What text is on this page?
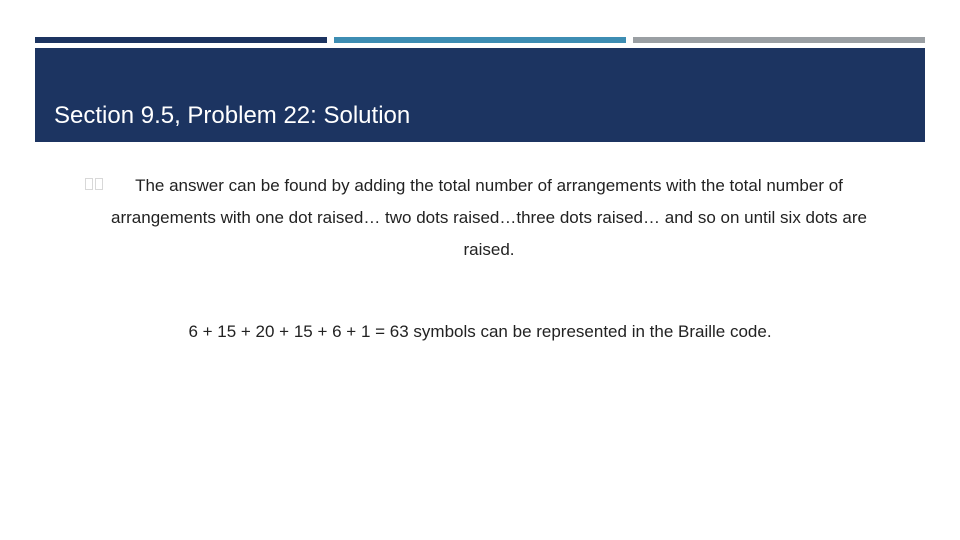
Section 9.5, Problem 22: Solution

The answer can be found by adding the total number of arrangements with the total number of arrangements with one dot raised… two dots raised…three dots raised… and so on until six dots are raised.

6 + 15 + 20 + 15 + 6 + 1 = 63 symbols can be represented in the Braille code.
